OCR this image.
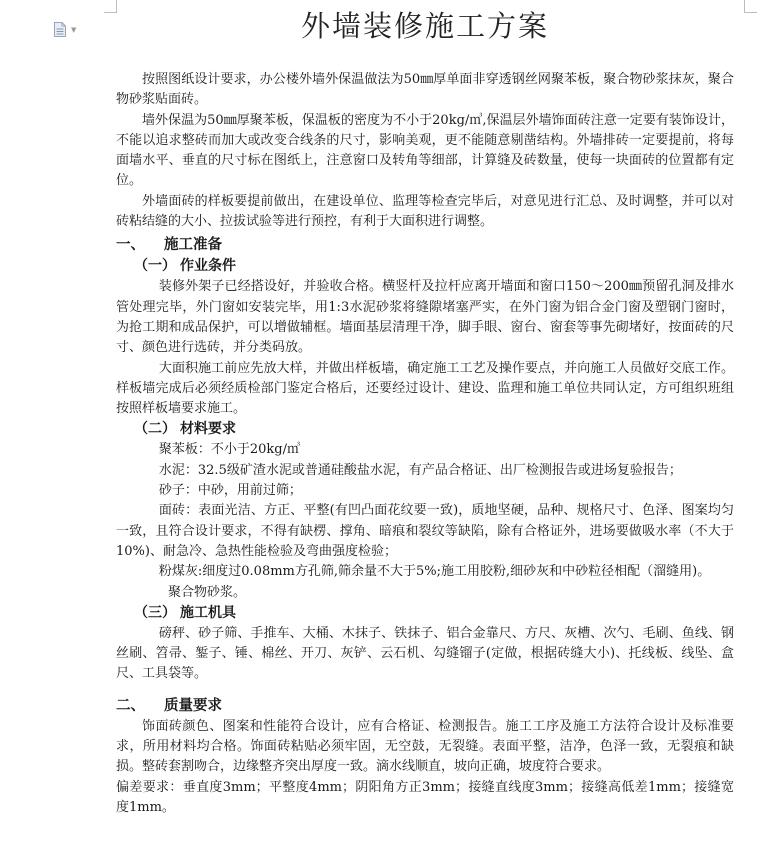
▼	外墙装修施工方案

按照图纸设计要求，办公楼外墙外保温做法为50㎜厚单面非穿透钢丝网聚苯板，聚合物砂浆抹灰，聚合物砂浆贴面砖。

墙外保温为50㎜厚聚苯板，保温板的密度为不小于20kg/㎥,保温层外墙饰面砖注意一定要有装饰设计，不能以追求整砖而加大或改变合线条的尺寸，影响美观，更不能随意剔凿结构。外墙排砖一定要提前，将每面墙水平、垂直的尺寸标在图纸上，注意窗口及转角等细部，计算缝及砖数量，使每一块面砖的位置都有定位。

外墙面砖的样板要提前做出，在建设单位、监理等检查完毕后，对意见进行汇总、及时调整，并可以对砖粘结缝的大小、拉拔试验等进行预控，有利于大面积进行调整。

一、 施工准备
（一） 作业条件

装修外架子已经搭设好，并验收合格。横竖杆及拉杆应离开墙面和窗口150～200㎜预留孔洞及排水管处理完毕，外门窗如安装完毕，用1:3水泥砂浆将缝隙堵塞严实，在外门窗为铝合金门窗及塑钢门窗时，为抢工期和成品保护，可以增做辅框。墙面基层清理干净，脚手眼、窗台、窗套等事先砌堵好，按面砖的尺寸、颜色进行选砖，并分类码放。

大面积施工前应先放大样，并做出样板墙，确定施工工艺及操作要点，并向施工人员做好交底工作。样板墙完成后必须经质检部门鉴定合格后，还要经过设计、建设、监理和施工单位共同认定，方可组织班组按照样板墙要求施工。

（二） 材料要求

聚苯板：不小于20kg/㎥

水泥：32.5级矿渣水泥或普通硅酸盐水泥，有产品合格证、出厂检测报告或进场复验报告；

砂子：中砂，用前过筛；

面砖：表面光洁、方正、平整(有凹凸面花纹要一致)，质地坚硬，品种、规格尺寸、色泽、图案均匀一致，且符合设计要求，不得有缺楞、撑角、暗痕和裂纹等缺陷，除有合格证外，进场要做吸水率（不大于10%)、耐急冷、急热性能检验及弯曲强度检验；

粉煤灰:细度过0.08mm方孔筛,筛余量不大于5%;施工用胶粉,细砂灰和中砂粒径相配（溜缝用)。

聚合物砂浆。

（三） 施工机具

磅秤、砂子筛、手推车、大桶、木抹子、铁抹子、铝合金靠尺、方尺、灰槽、次勺、毛刷、鱼线、钢丝刷、笤帚、錾子、锤、棉丝、开刀、灰铲、云石机、勾缝镏子(定做，根据砖缝大小)、托线板、线坠、盒尺、工具袋等。

二、 质量要求

饰面砖颜色、图案和性能符合设计，应有合格证、检测报告。施工工序及施工方法符合设计及标准要求，所用材料均合格。饰面砖粘贴必须牢固，无空鼓，无裂缝。表面平整，洁净，色泽一致，无裂痕和缺损。整砖套割吻合，边缘整齐突出厚度一致。滴水线顺直，坡向正确，坡度符合要求。

偏差要求：垂直度3mm；平整度4mm；阴阳角方正3mm；接缝直线度3mm；接缝高低差1mm；接缝宽度1mm。
